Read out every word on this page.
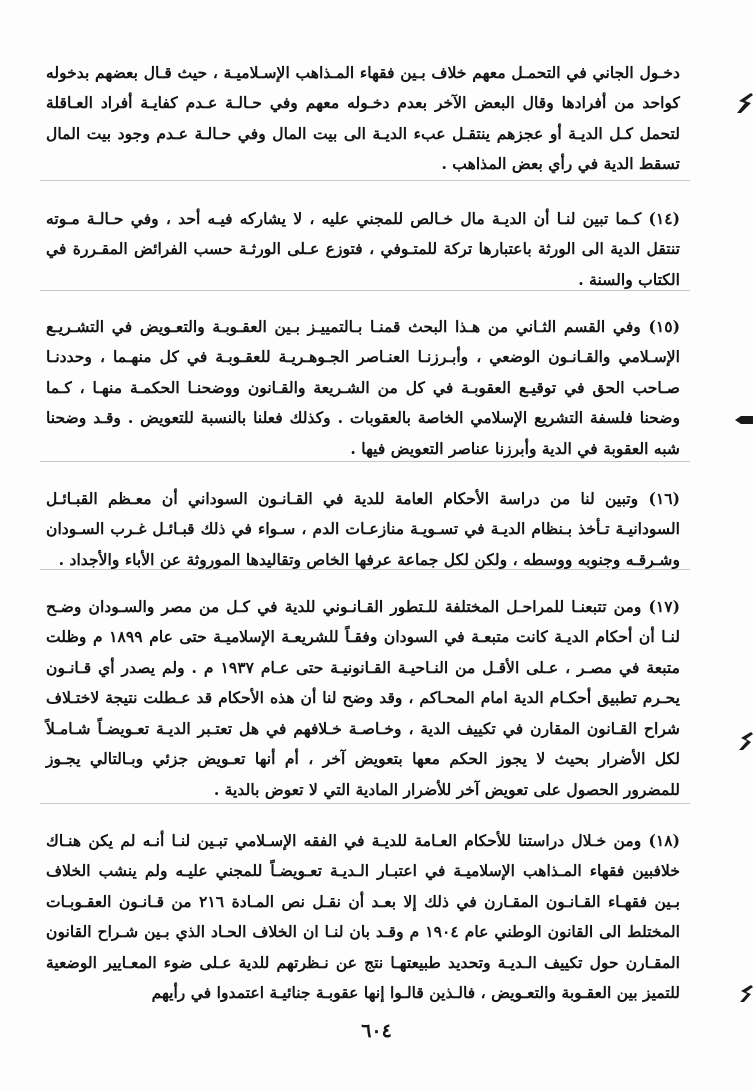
دخـول الجاني في التحمـل معهم خلاف بـين فقهاء المـذاهب الإسـلاميـة ، حيث قـال بعضهم بدخوله كواحد من أفرادها وقال البعض الآخر بعدم دخـوله معهم وفي حـالـة عـدم كفايـة أفراد العـاقلة لتحمل كـل الديـة أو عجزهم ينتقـل عبء الديـة الى بيت المال وفي حـالـة عـدم وجود بيت المال تسقط الدية في رأي بعض المذاهب .

(١٤) كـما تبين لنـا أن الديـة مال خـالص للمجني عليه ، لا يشاركه فيـه أحد ، وفي حـالـة مـوته تنتقل الدية الى الورثة باعتبارها تركة للمتـوفي ، فتوزع عـلى الورثـة حسب الفرائض المقـررة في الكتاب والسنة .

(١٥) وفي القسم الثـاني من هـذا البحث قمنـا بـالتمييـز بـين العقـوبـة والتعـويض في التشـريـع الإسـلامي والقـانـون الوضعي ، وأبـرزنـا العنـاصر الجـوهـريـة للعقـوبـة في كل منهـما ، وحددنـا صـاحب الحق في توقيـع العقوبـة في كل من الشـريعة والقـانون ووضحنـا الحكمـة منهـا ، كـما وضحنا فلسفة التشريع الإسلامي الخاصة بالعقوبات . وكذلك فعلنا بالنسبة للتعويض . وقـد وضحنا شبه العقوبة في الدية وأبرزنا عناصر التعويض فيها .

(١٦) وتبين لنا من دراسة الأحكام العامة للدية في القـانـون السوداني أن معـظم القبـائـل السودانيـة تـأخذ بـنظام الديـة في تسـويـة منازعـات الدم ، سـواء في ذلك قبـائـل غـرب السـودان وشـرقـه وجنوبه ووسطه ، ولكن لكل جماعة عرفها الخاص وتقاليدها الموروثة عن الأباء والأجداد .

(١٧) ومن تتبعنـا للمراحـل المختلفة للـتطور القـانـوني للدية في كـل من مصر والسـودان وضـح لنـا أن أحكام الديـة كانت متبعـة في السودان وفقـاً للشريعـة الإسلاميـة حتى عام ١٨٩٩ م وظلت متبعة في مصـر ، عـلى الأقـل من النـاحيـة القـانونيـة حتى عـام ١٩٣٧ م . ولم يصدر أي قـانـون يحـرم تطبيق أحكـام الدية امام المحـاكم ، وقد وضح لنا أن هذه الأحكام قد عـطلت نتيجة لاختـلاف شراح القـانون المقارن في تكييف الدية ، وخـاصـة خـلافهم في هل تعتـبر الديـة تعـويضـاً شـامـلاً لكل الأضرار بحيث لا يجوز الحكم معها بتعويض آخر ، أم أنها تعـويض جزئي وبـالتالي يجـوز للمضرور الحصول على تعويض آخر للأضرار المادية التي لا تعوض بالدية .

(١٨) ومن خـلال دراستنا للأحكام العـامة للديـة في الفقه الإسـلامي تبـين لنـا أنـه لم يكن هنـاك خلافبين فقهاء المـذاهب الإسلاميـة في اعتبـار الـديـة تعـويضـاً للمجني عليـه ولم ينشب الخلاف بـين فقهـاء القـانـون المقـارن في ذلك إلا بعـد أن نقـل نص المـادة ٢١٦ من قـانـون العقـوبـات المختلط الى القانون الوطني عام ١٩٠٤ م وقـد بان لنـا ان الخلاف الحـاد الذي بـين شـراح القانون المقـارن حول تكييف الـديـة وتحديد طبيعتهـا نتج عن نـظرتهم للدية عـلى ضوء المعـايير الوضعية للتميز بين العقـوبة والتعـويض ، فالـذين قالـوا إنها عقوبـة جنائيـة اعتمدوا في رأيهم

٦٠٤
